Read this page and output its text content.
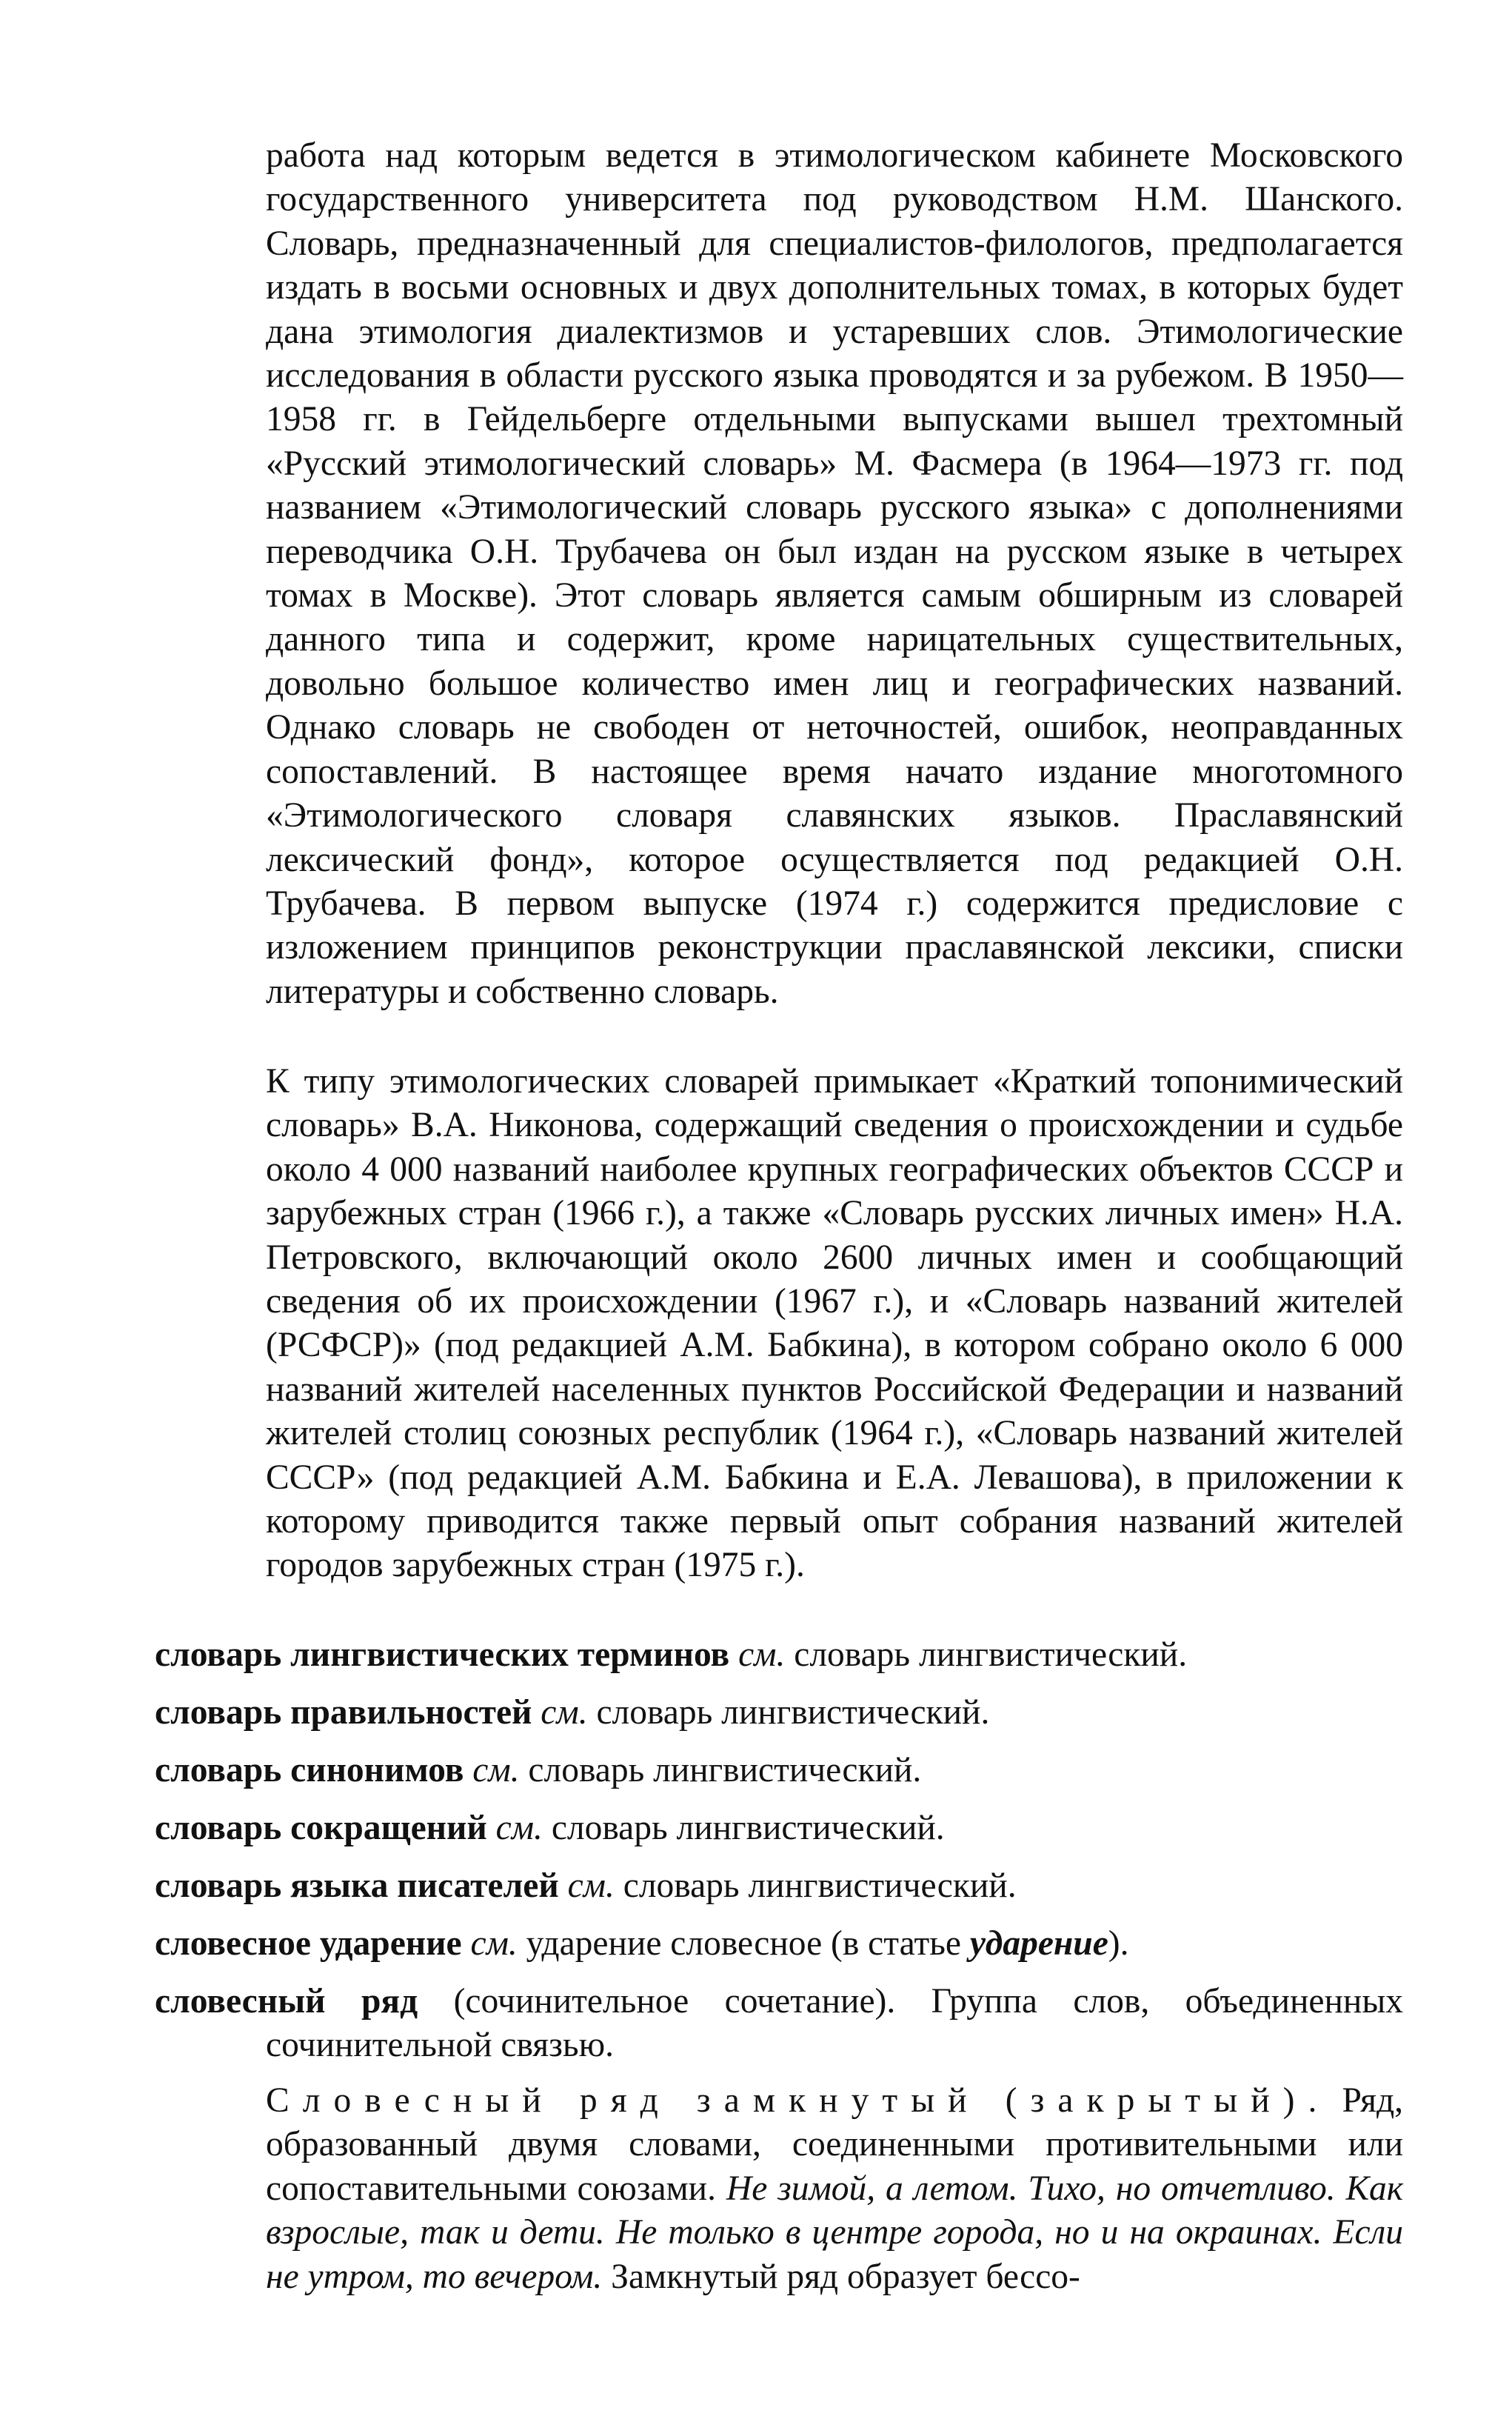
работа над которым ведется в этимологическом кабинете Московского государственного университета под руководством Н.М. Шанского. Словарь, предназначенный для специалистов-филологов, предполагается издать в восьми основных и двух дополнительных томах, в которых будет дана этимология диалектизмов и устаревших слов. Этимологические исследования в области русского языка проводятся и за рубежом. В 1950—1958 гг. в Гейдельберге отдельными выпусками вышел трехтомный «Русский этимологический словарь» М. Фасмера (в 1964—1973 гг. под названием «Этимологический словарь русского языка» с дополнениями переводчика О.Н. Трубачева он был издан на русском языке в четырех томах в Москве). Этот словарь является самым обширным из словарей данного типа и содержит, кроме нарицательных существительных, довольно большое количество имен лиц и географических названий. Однако словарь не свободен от неточностей, ошибок, неоправданных сопоставлений. В настоящее время начато издание многотомного «Этимологического словаря славянских языков. Праславянский лексический фонд», которое осуществляется под редакцией О.Н. Трубачева. В первом выпуске (1974 г.) содержится предисловие с изложением принципов реконструкции праславянской лексики, списки литературы и собственно словарь.
К типу этимологических словарей примыкает «Краткий топонимический словарь» В.А. Никонова, содержащий сведения о происхождении и судьбе около 4 000 названий наиболее крупных географических объектов СССР и зарубежных стран (1966 г.), а также «Словарь русских личных имен» Н.А. Петровского, включающий около 2600 личных имен и сообщающий сведения об их происхождении (1967 г.), и «Словарь названий жителей (РСФСР)» (под редакцией А.М. Бабкина), в котором собрано около 6 000 названий жителей населенных пунктов Российской Федерации и названий жителей столиц союзных республик (1964 г.), «Словарь названий жителей СССР» (под редакцией А.М. Бабкина и Е.А. Левашова), в приложении к которому приводится также первый опыт собрания названий жителей городов зарубежных стран (1975 г.).
словарь лингвистических терминов см. словарь лингвистический.
словарь правильностей см. словарь лингвистический.
словарь синонимов см. словарь лингвистический.
словарь сокращений см. словарь лингвистический.
словарь языка писателей см. словарь лингвистический.
словесное ударение см. ударение словесное (в статье ударение).
словесный ряд (сочинительное сочетание). Группа слов, объединенных сочинительной связью.
Словесный ряд замкнутый (закрытый). Ряд, образованный двумя словами, соединенными противительными или сопоставительными союзами. Не зимой, а летом. Тихо, но отчетливо. Как взрослые, так и дети. Не только в центре города, но и на окраинах. Если не утром, то вечером. Замкнутый ряд образует бессо-
